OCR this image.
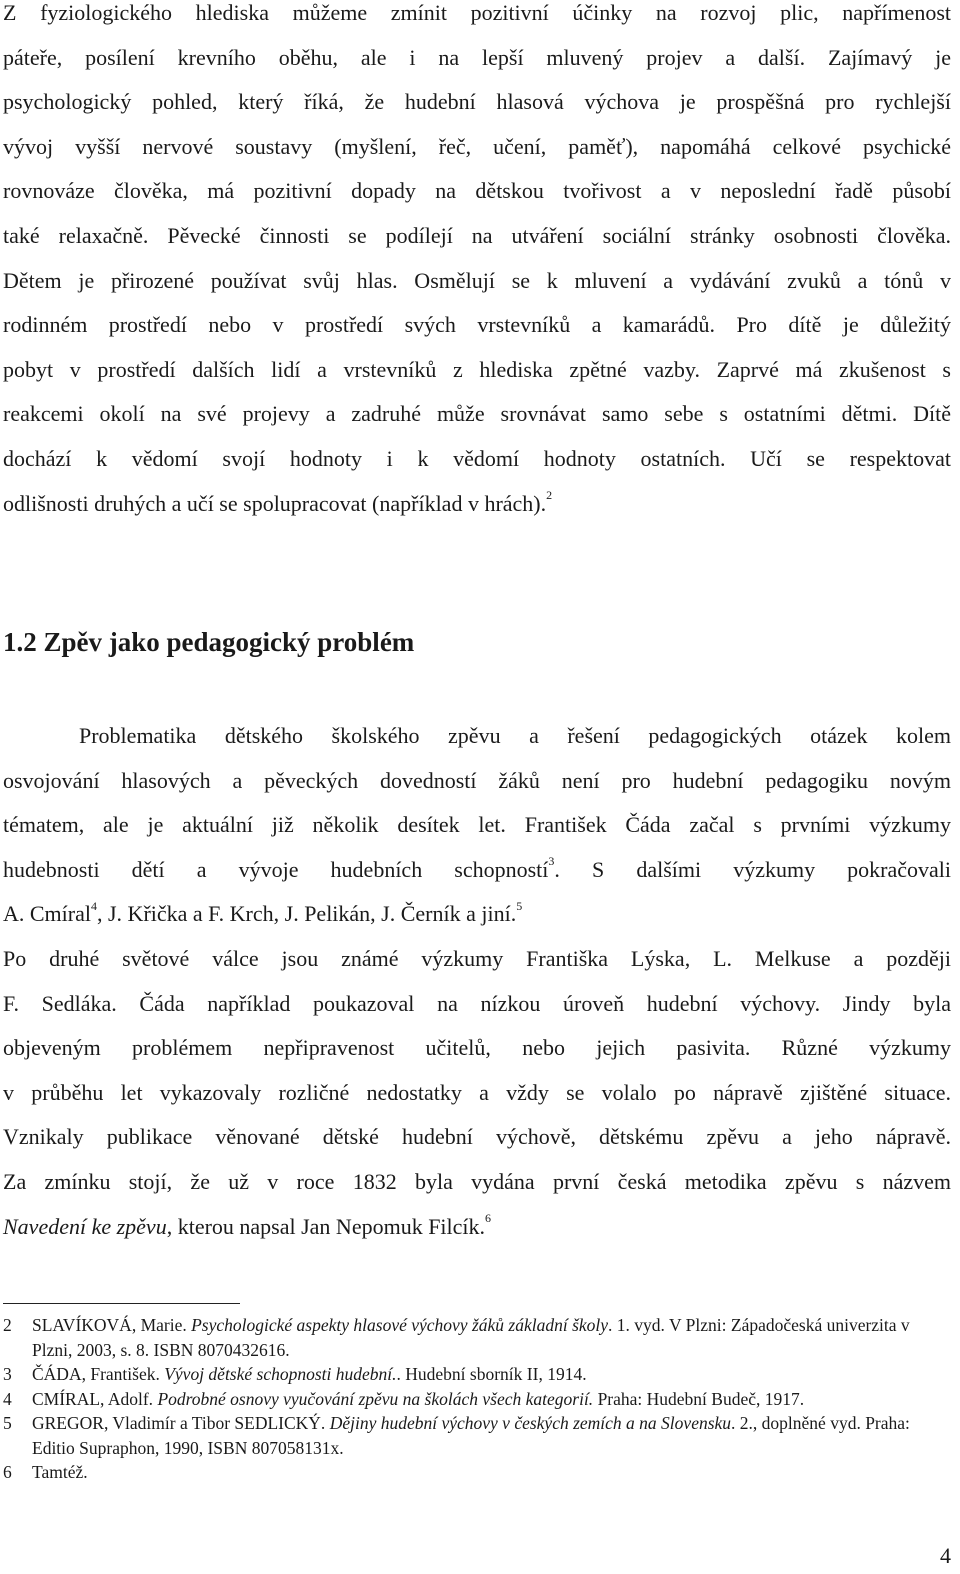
Z fyziologického hlediska můžeme zmínit pozitivní účinky na rozvoj plic, napřímenost
páteře, posílení krevního oběhu, ale i na lepší mluvený projev a další. Zajímavý je
psychologický pohled, který říká, že hudební hlasová výchova je prospěšná pro rychlejší
vývoj vyšší nervové soustavy (myšlení, řeč, učení, paměť), napomáhá celkové psychické
rovnováze člověka, má pozitivní dopady na dětskou tvořivost a v neposlední řadě působí
také relaxačně. Pěvecké činnosti se podílejí na utváření sociální stránky osobnosti člověka.
Dětem je přirozené používat svůj hlas. Osmělují se k mluvení a vydávání zvuků a tónů v
rodinném prostředí nebo v prostředí svých vrstevníků a kamarádů. Pro dítě je důležitý
pobyt v prostředí dalších lidí a vrstevníků z hlediska zpětné vazby. Zaprvé má zkušenost s
reakcemi okolí na své projevy a zadruhé může srovnávat samo sebe s ostatními dětmi. Dítě
dochází k vědomí svojí hodnoty i k vědomí hodnoty ostatních. Učí se respektovat
odlišnosti druhých a učí se spolupracovat (například v hrách).$^2$
1.2 Zpěv jako pedagogický problém
Problematika dětského školského zpěvu a řešení pedagogických otázek kolem
osvojování hlasových a pěveckých dovedností žáků není pro hudební pedagogiku novým
tématem, ale je aktuální již několik desítek let. František Čáda začal s prvními výzkumy
hudebnosti dětí a vývoje hudebních schopností$^3$. S dalšími výzkumy pokračovali
A. Cmíral$^4$, J. Křička a F. Krch, J. Pelikán, J. Černík a jiní.$^5$
Po druhé světové válce jsou známé výzkumy Františka Lýska, L. Melkuse a později
F. Sedláka. Čáda například poukazoval na nízkou úroveň hudební výchovy. Jindy byla
objeveným problémem nepřipravenost učitelů, nebo jejich pasivita. Různé výzkumy
v průběhu let vykazovaly rozličné nedostatky a vždy se volalo po nápravě zjištěné situace.
Vznikaly publikace věnované dětské hudební výchově, dětskému zpěvu a jeho nápravě.
Za zmínku stojí, že už v roce 1832 byla vydána první česká metodika zpěvu s názvem
Navedení ke zpěvu, kterou napsal Jan Nepomuk Filcík.$^6$
2	SLAVÍKOVÁ, Marie. Psychologické aspekty hlasové výchovy žáků základní školy. 1. vyd. V Plzni: Západočeská univerzita v Plzni, 2003, s. 8. ISBN 8070432616.
3	ČÁDA, František. Vývoj dětské schopnosti hudební.. Hudební sborník II, 1914.
4	CMÍRAL, Adolf. Podrobné osnovy vyučování zpěvu na školách všech kategorií. Praha: Hudební Budeč, 1917.
5	GREGOR, Vladimír a Tibor SEDLICKÝ. Dějiny hudební výchovy v českých zemích a na Slovensku. 2., doplněné vyd. Praha: Editio Supraphon, 1990, ISBN 807058131x.
6	Tamtéž.
4
